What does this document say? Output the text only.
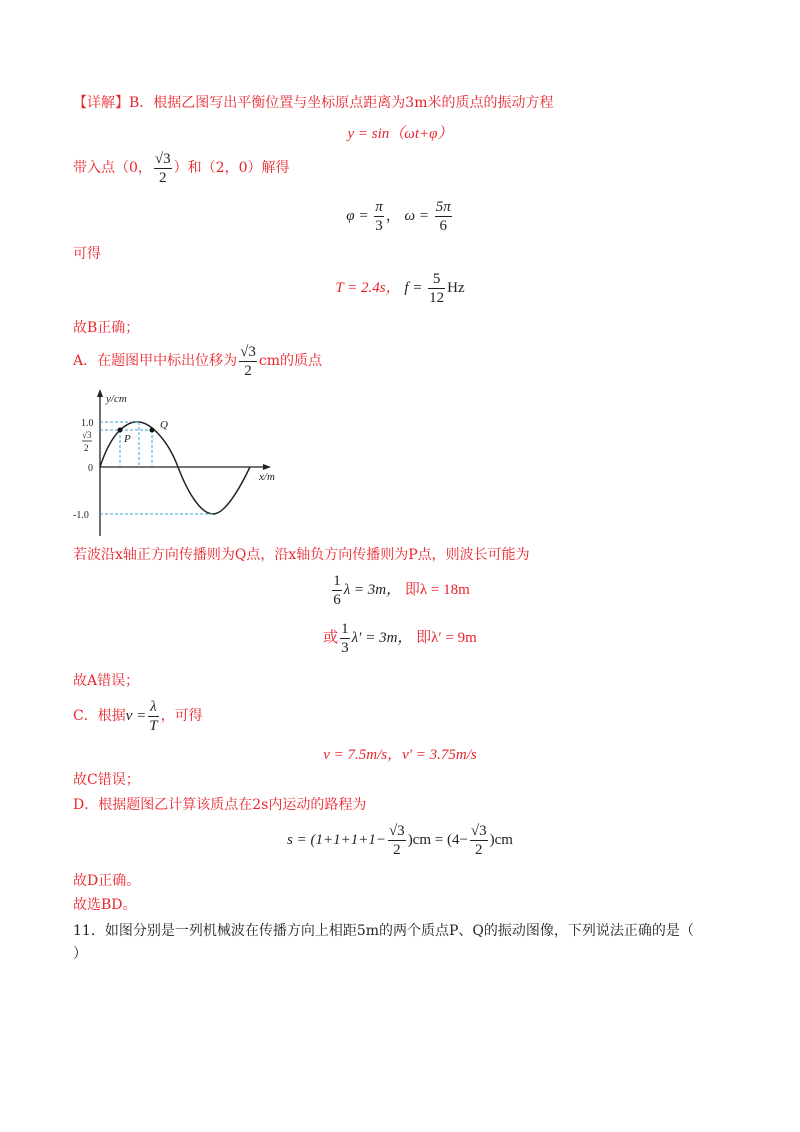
【详解】B．根据乙图写出平衡位置与坐标原点距离为3m米的质点的振动方程
y = sin（ωt+φ）
带入点（0， $\frac{√3}{2}$ ）和（2，0）解得
$\varphi = \frac{\pi}{3}$ ， $\omega = \frac{5\pi}{6}$
可得
T = 2.4s， $f = \frac{5}{12}$ Hz
故B正确；
A．在题图甲中标出位移为 $\frac{√3}{2}$ cm的质点
y/cm
x/m
1.0
√3
2
0
-1.0
P
Q
若波沿x轴正方向传播则为Q点，沿x轴负方向传播则为P点，则波长可能为
$\frac{1}{6}$ λ = 3m， 即λ = 18m
或 $\frac{1}{3} \lambda' = 3m$， 即λ′ = 9m
故A错误；
C．根据$v = \frac{\lambda}{T}$ ，可得
v = 7.5m/s，v′ = 3.75m/s
故C错误；
D．根据题图乙计算该质点在2s内运动的路程为
$s = (1+1+1+1- \frac{√3}{2} )cm = (4- \frac{√3}{2} )cm$
故D正确。
故选BD。
11．如图分别是一列机械波在传播方向上相距5m的两个质点P、Q的振动图像，下列说法正确的是（
）
